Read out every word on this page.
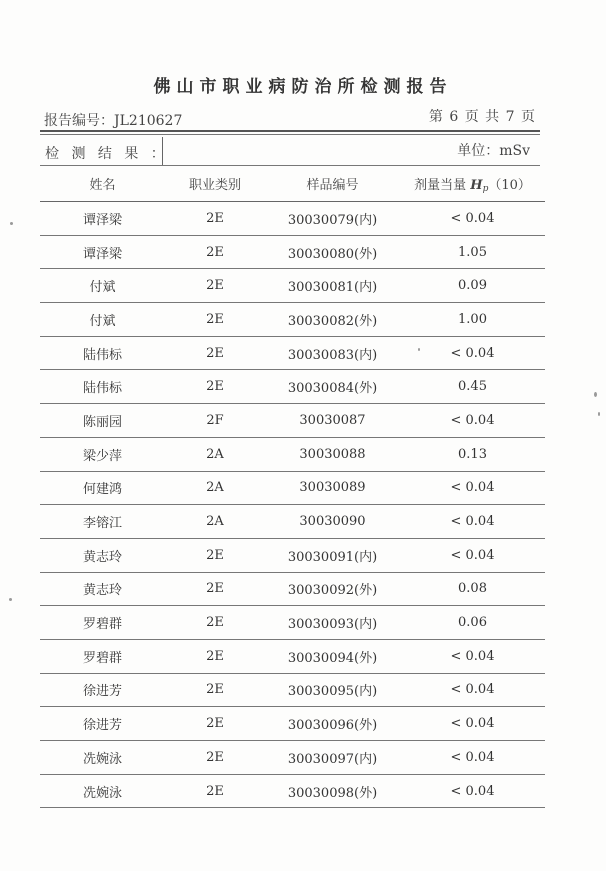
佛山市职业病防治所检测报告
报告编号：JL210627	第 6 页 共 7 页
检 测 结 果 ：	单位：mSv
姓名	职业类别	样品编号	剂量当量 $H_p(10)$
谭泽梁	2E	30030079(内)	< 0.04
谭泽梁	2E	30030080(外)	1.05
付斌	2E	30030081(内)	0.09
付斌	2E	30030082(外)	1.00
陆伟标	2E	30030083(内)	< 0.04
陆伟标	2E	30030084(外)	0.45
陈丽园	2F	30030087	< 0.04
梁少萍	2A	30030088	0.13
何建鸿	2A	30030089	< 0.04
李镕江	2A	30030090	< 0.04
黄志玲	2E	30030091(内)	< 0.04
黄志玲	2E	30030092(外)	0.08
罗碧群	2E	30030093(内)	0.06
罗碧群	2E	30030094(外)	< 0.04
徐进芳	2E	30030095(内)	< 0.04
徐进芳	2E	30030096(外)	< 0.04
冼婉泳	2E	30030097(内)	< 0.04
冼婉泳	2E	30030098(外)	< 0.04
